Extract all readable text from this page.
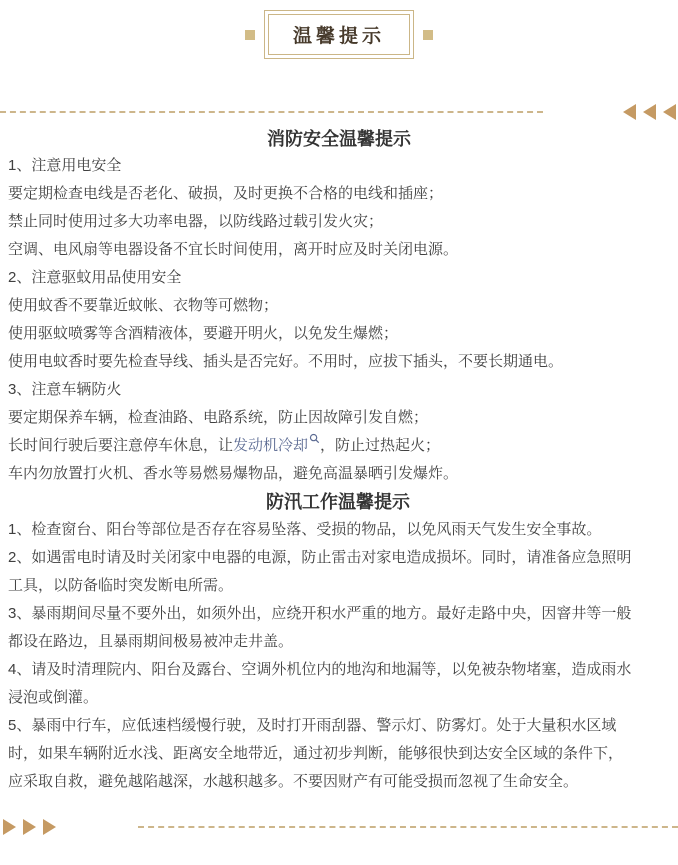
温馨提示
消防安全温馨提示

1、注意用电安全

要定期检查电线是否老化、破损，及时更换不合格的电线和插座；

禁止同时使用过多大功率电器，以防线路过载引发火灾；

空调、电风扇等电器设备不宜长时间使用，离开时应及时关闭电源。

2、注意驱蚊用品使用安全

使用蚊香不要靠近蚊帐、衣物等可燃物；

使用驱蚊喷雾等含酒精液体，要避开明火，以免发生爆燃；

使用电蚊香时要先检查导线、插头是否完好。不用时，应拔下插头，不要长期通电。

3、注意车辆防火

要定期保养车辆，检查油路、电路系统，防止因故障引发自燃；

长时间行驶后要注意停车休息，让发动机冷却 ，防止过热起火；

车内勿放置打火机、香水等易燃易爆物品，避免高温暴晒引发爆炸。

防汛工作温馨提示

1、检查窗台、阳台等部位是否存在容易坠落、受损的物品，以免风雨天气发生安全事故。

2、如遇雷电时请及时关闭家中电器的电源，防止雷击对家电造成损坏。同时，请准备应急照明

工具，以防备临时突发断电所需。

3、暴雨期间尽量不要外出，如须外出，应绕开积水严重的地方。最好走路中央，因窨井等一般

都设在路边，且暴雨期间极易被冲走井盖。

4、请及时清理院内、阳台及露台、空调外机位内的地沟和地漏等，以免被杂物堵塞，造成雨水

浸泡或倒灌。

5、暴雨中行车，应低速档缓慢行驶，及时打开雨刮器、警示灯、防雾灯。处于大量积水区域

时，如果车辆附近水浅、距离安全地带近，通过初步判断，能够很快到达安全区域的条件下，

应采取自救，避免越陷越深，水越积越多。不要因财产有可能受损而忽视了生命安全。
